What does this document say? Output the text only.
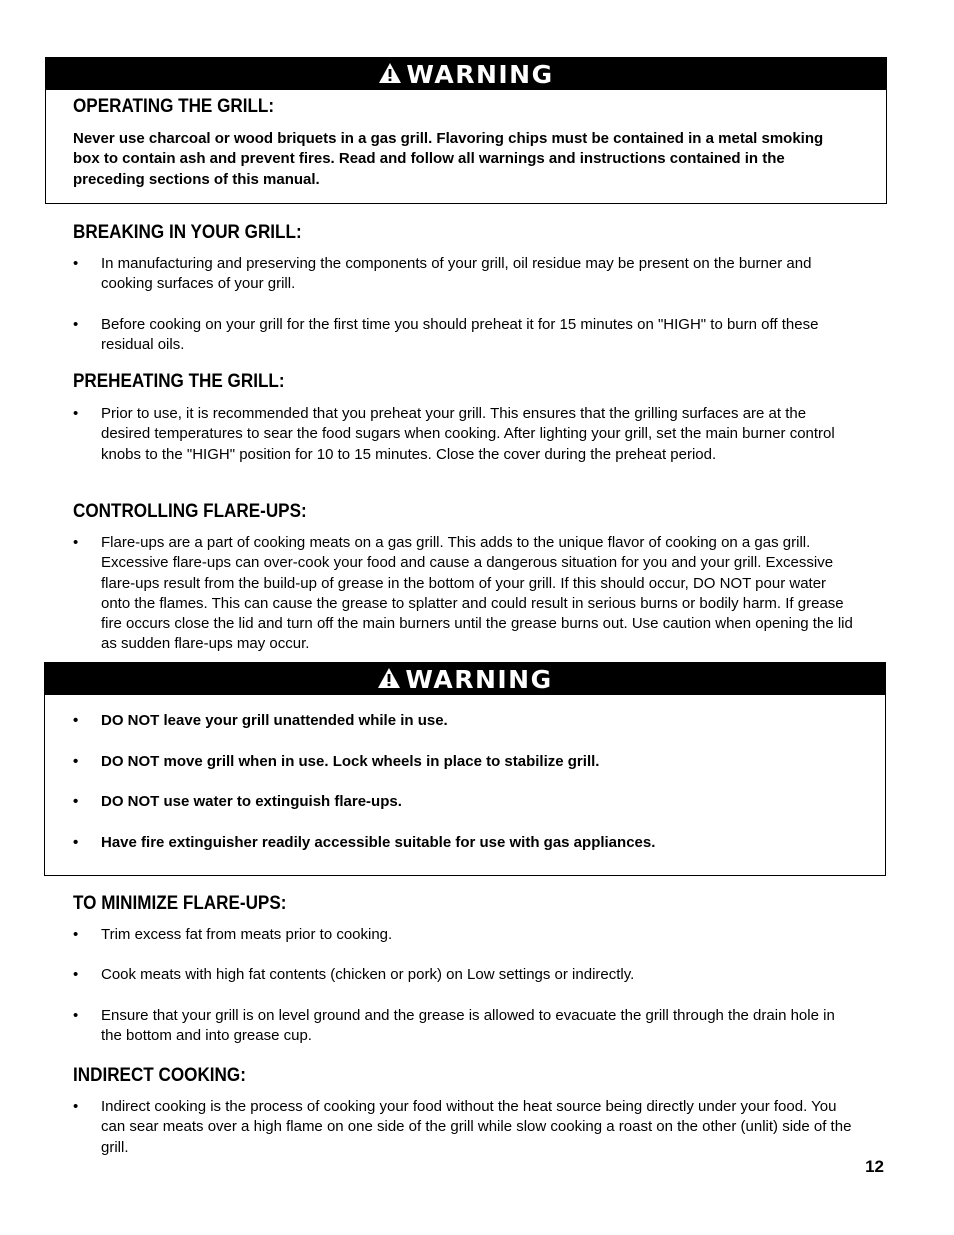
WARNING
OPERATING THE GRILL:
Never use charcoal or wood briquets in a gas grill. Flavoring chips must be contained in a metal smoking box to contain ash and prevent fires. Read and follow all warnings and instructions contained in the preceding sections of this manual.
BREAKING IN YOUR GRILL:
• In manufacturing and preserving the components of your grill, oil residue may be present on the burner and cooking surfaces of your grill.
• Before cooking on your grill for the first time you should preheat it for 15 minutes on "HIGH" to burn off these residual oils.
PREHEATING THE GRILL:
• Prior to use, it is recommended that you preheat your grill. This ensures that the grilling surfaces are at the desired temperatures to sear the food sugars when cooking. After lighting your grill, set the main burner control knobs to the "HIGH" position for 10 to 15 minutes. Close the cover during the preheat period.
CONTROLLING FLARE-UPS:
• Flare-ups are a part of cooking meats on a gas grill. This adds to the unique flavor of cooking on a gas grill. Excessive flare-ups can over-cook your food and cause a dangerous situation for you and your grill. Excessive flare-ups result from the build-up of grease in the bottom of your grill. If this should occur, DO NOT pour water onto the flames. This can cause the grease to splatter and could result in serious burns or bodily harm. If grease fire occurs close the lid and turn off the main burners until the grease burns out. Use caution when opening the lid as sudden flare-ups may occur.
WARNING
• DO NOT leave your grill unattended while in use.
• DO NOT move grill when in use. Lock wheels in place to stabilize grill.
• DO NOT use water to extinguish flare-ups.
• Have fire extinguisher readily accessible suitable for use with gas appliances.
TO MINIMIZE FLARE-UPS:
• Trim excess fat from meats prior to cooking.
• Cook meats with high fat contents (chicken or pork) on Low settings or indirectly.
• Ensure that your grill is on level ground and the grease is allowed to evacuate the grill through the drain hole in the bottom and into grease cup.
INDIRECT COOKING:
• Indirect cooking is the process of cooking your food without the heat source being directly under your food. You can sear meats over a high flame on one side of the grill while slow cooking a roast on the other (unlit) side of the grill.
12
